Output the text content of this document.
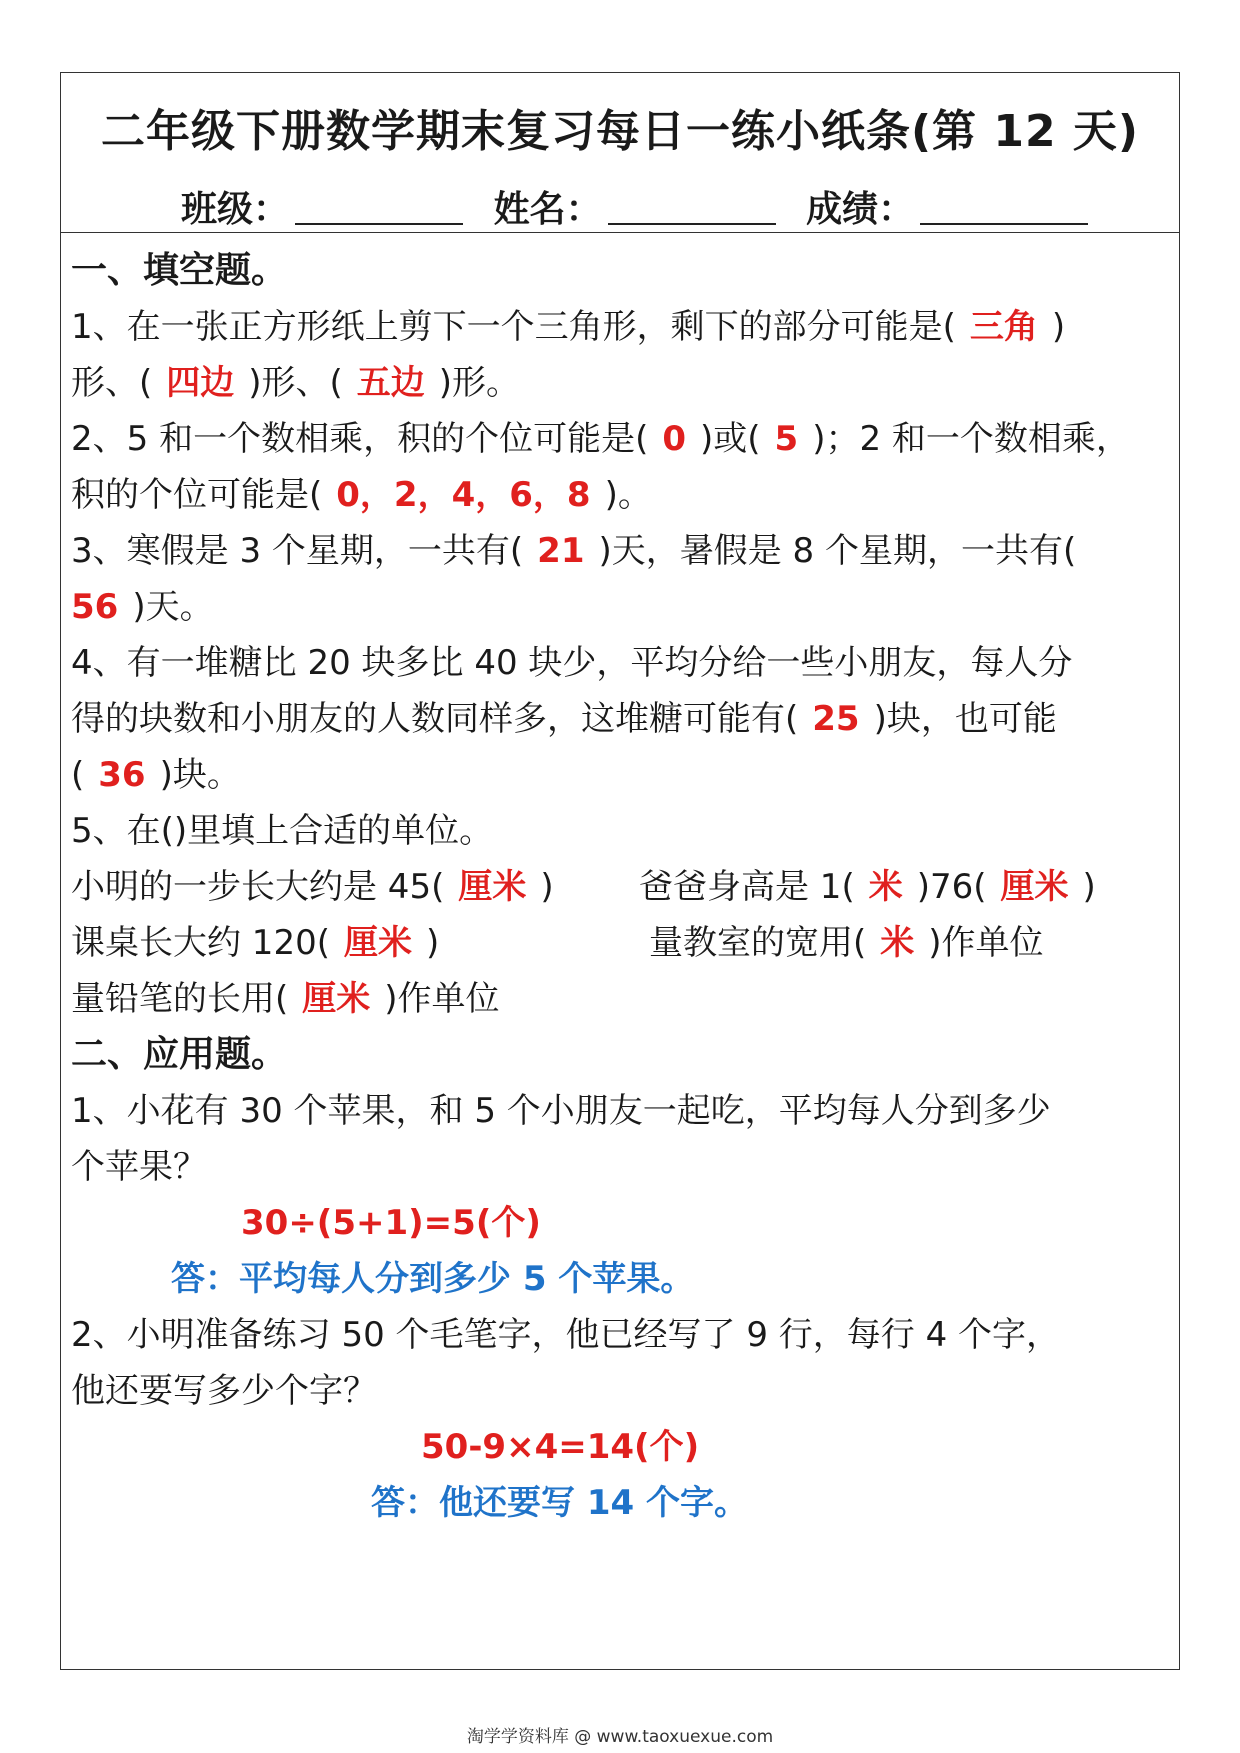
二年级下册数学期末复习每日一练小纸条(第 12 天)
班级：	姓名：	成绩：
一、填空题。
1、在一张正方形纸上剪下一个三角形，剩下的部分可能是( 三角 )
形、( 四边 )形、( 五边 )形。
2、5 和一个数相乘，积的个位可能是( 0 )或( 5 )；2 和一个数相乘，
积的个位可能是( 0，2，4，6，8 )。
3、寒假是 3 个星期，一共有( 21 )天，暑假是 8 个星期，一共有(
56 )天。
4、有一堆糖比 20 块多比 40 块少，平均分给一些小朋友，每人分
得的块数和小朋友的人数同样多，这堆糖可能有( 25 )块，也可能
( 36 )块。
5、在()里填上合适的单位。
小明的一步长大约是 45( 厘米 )	爸爸身高是 1( 米 )76( 厘米 )
课桌长大约 120( 厘米 )	量教室的宽用( 米 )作单位
量铅笔的长用( 厘米 )作单位
二、应用题。
1、小花有 30 个苹果，和 5 个小朋友一起吃，平均每人分到多少
个苹果？
30÷(5+1)=5(个)
答：平均每人分到多少 5 个苹果。
2、小明准备练习 50 个毛笔字，他已经写了 9 行，每行 4 个字，
他还要写多少个字？
50-9×4=14(个)
答：他还要写 14 个字。
淘学学资料库 @ www.taoxuexue.com
